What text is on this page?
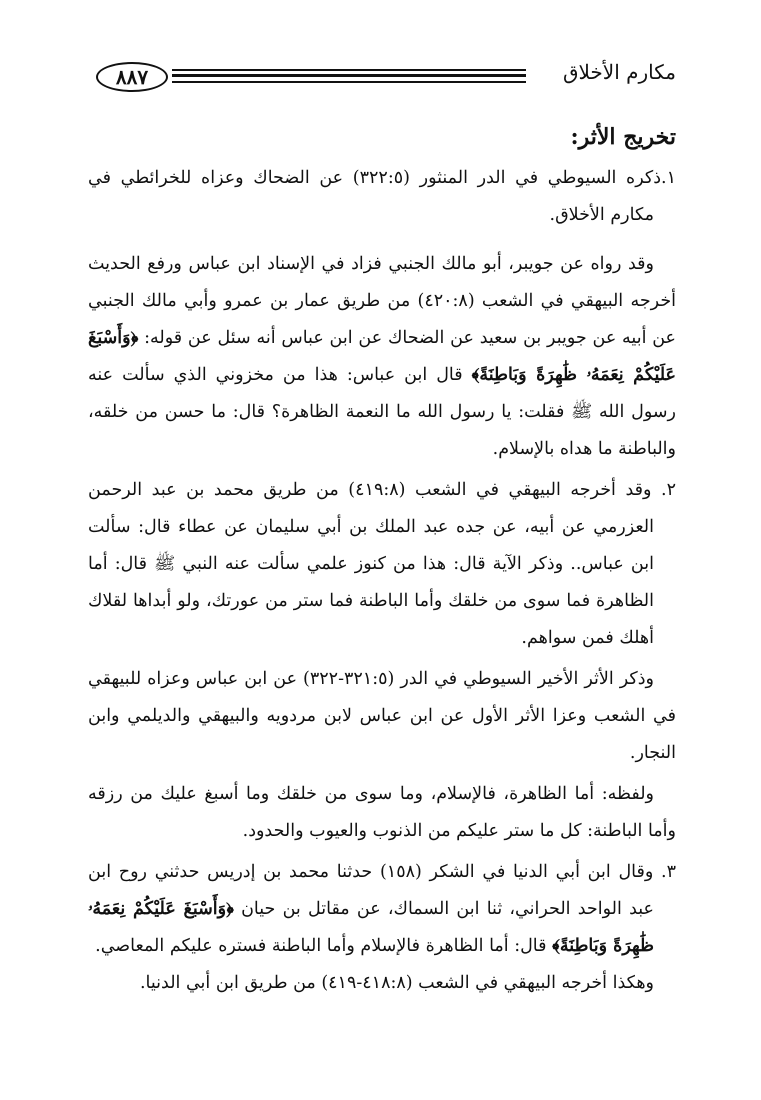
مكارم الأخلاق
٨٨٧
تخريج الأثر:

١.ذكره السيوطي في الدر المنثور (٣٢٢:٥) عن الضحاك وعزاه للخرائطي في مكارم الأخلاق.

وقد رواه عن جويبر، أبو مالك الجنبي فزاد في الإسناد ابن عباس ورفع الحديث أخرجه البيهقي في الشعب (٤٢٠:٨) من طريق عمار بن عمرو وأبي مالك الجنبي عن أبيه عن جويبر بن سعيد عن الضحاك عن ابن عباس أنه سئل عن قوله: ﴿وَأَسْبَغَ عَلَيْكُمْ نِعَمَهُۥ ظَٰهِرَةً وَبَاطِنَةً﴾ قال ابن عباس: هذا من مخزوني الذي سألت عنه رسول الله ﷺ فقلت: يا رسول الله ما النعمة الظاهرة؟ قال: ما حسن من خلقه، والباطنة ما هداه بالإسلام.

٢. وقد أخرجه البيهقي في الشعب (٤١٩:٨) من طريق محمد بن عبد الرحمن العزرمي عن أبيه، عن جده عبد الملك بن أبي سليمان عن عطاء قال: سألت ابن عباس.. وذكر الآية قال: هذا من كنوز علمي سألت عنه النبي ﷺ قال: أما الظاهرة فما سوى من خلقك وأما الباطنة فما ستر من عورتك، ولو أبداها لقلاك أهلك فمن سواهم.

وذكر الأثر الأخير السيوطي في الدر (٣٢١:٥-٣٢٢) عن ابن عباس وعزاه للبيهقي في الشعب وعزا الأثر الأول عن ابن عباس لابن مردويه والبيهقي والديلمي وابن النجار.

ولفظه: أما الظاهرة، فالإسلام، وما سوى من خلقك وما أسبغ عليك من رزقه وأما الباطنة: كل ما ستر عليكم من الذنوب والعيوب والحدود.

٣. وقال ابن أبي الدنيا في الشكر (١٥٨) حدثنا محمد بن إدريس حدثني روح ابن عبد الواحد الحراني، ثنا ابن السماك، عن مقاتل بن حيان ﴿وَأَسْبَغَ عَلَيْكُمْ نِعَمَهُۥ ظَٰهِرَةً وَبَاطِنَةً﴾ قال: أما الظاهرة فالإسلام وأما الباطنة فستره عليكم المعاصي.

وهكذا أخرجه البيهقي في الشعب (٤١٨:٨-٤١٩) من طريق ابن أبي الدنيا.
